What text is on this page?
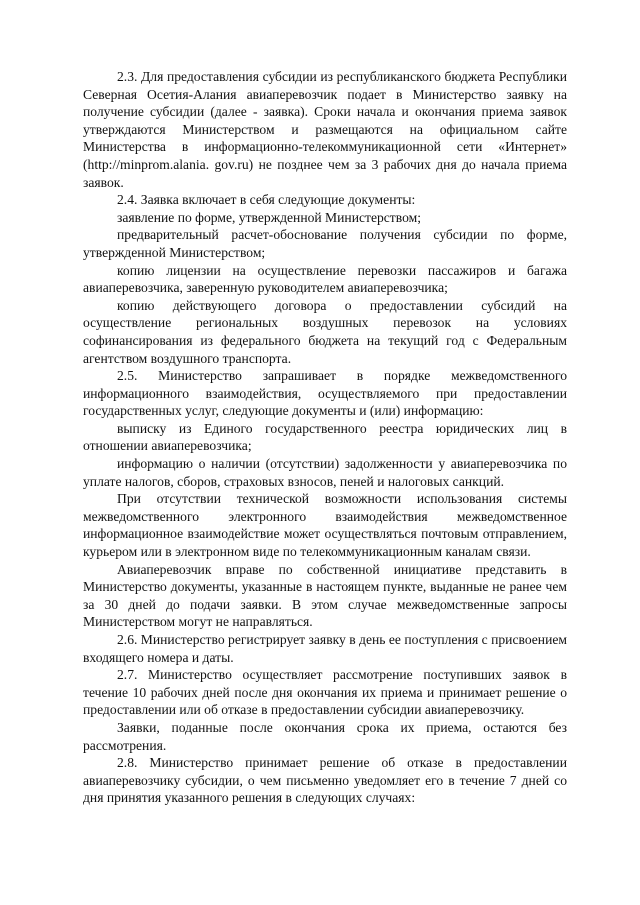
2.3. Для предоставления субсидии из республиканского бюджета Республики Северная Осетия-Алания авиаперевозчик подает в Министерство заявку на получение субсидии (далее - заявка). Сроки начала и окончания приема заявок утверждаются Министерством и размещаются на официальном сайте Министерства в информационно-телекоммуникационной сети «Интернет» (http://minprom.alania. gov.ru) не позднее чем за 3 рабочих дня до начала приема заявок.

2.4. Заявка включает в себя следующие документы:

заявление по форме, утвержденной Министерством;

предварительный расчет-обоснование получения субсидии по форме, утвержденной Министерством;

копию лицензии на осуществление перевозки пассажиров и багажа авиаперевозчика, заверенную руководителем авиаперевозчика;

копию действующего договора о предоставлении субсидий на осуществление региональных воздушных перевозок на условиях софинансирования из федерального бюджета на текущий год с Федеральным агентством воздушного транспорта.

2.5. Министерство запрашивает в порядке межведомственного информационного взаимодействия, осуществляемого при предоставлении государственных услуг, следующие документы и (или) информацию:

выписку из Единого государственного реестра юридических лиц в отношении авиаперевозчика;

информацию о наличии (отсутствии) задолженности у авиаперевозчика по уплате налогов, сборов, страховых взносов, пеней и налоговых санкций.

При отсутствии технической возможности использования системы межведомственного электронного взаимодействия межведомственное информационное взаимодействие может осуществляться почтовым отправлением, курьером или в электронном виде по телекоммуникационным каналам связи.

Авиаперевозчик вправе по собственной инициативе представить в Министерство документы, указанные в настоящем пункте, выданные не ранее чем за 30 дней до подачи заявки. В этом случае межведомственные запросы Министерством могут не направляться.

2.6. Министерство регистрирует заявку в день ее поступления с присвоением входящего номера и даты.

2.7. Министерство осуществляет рассмотрение поступивших заявок в течение 10 рабочих дней после дня окончания их приема и принимает решение о предоставлении или об отказе в предоставлении субсидии авиаперевозчику.

Заявки, поданные после окончания срока их приема, остаются без рассмотрения.

2.8. Министерство принимает решение об отказе в предоставлении авиаперевозчику субсидии, о чем письменно уведомляет его в течение 7 дней со дня принятия указанного решения в следующих случаях:
